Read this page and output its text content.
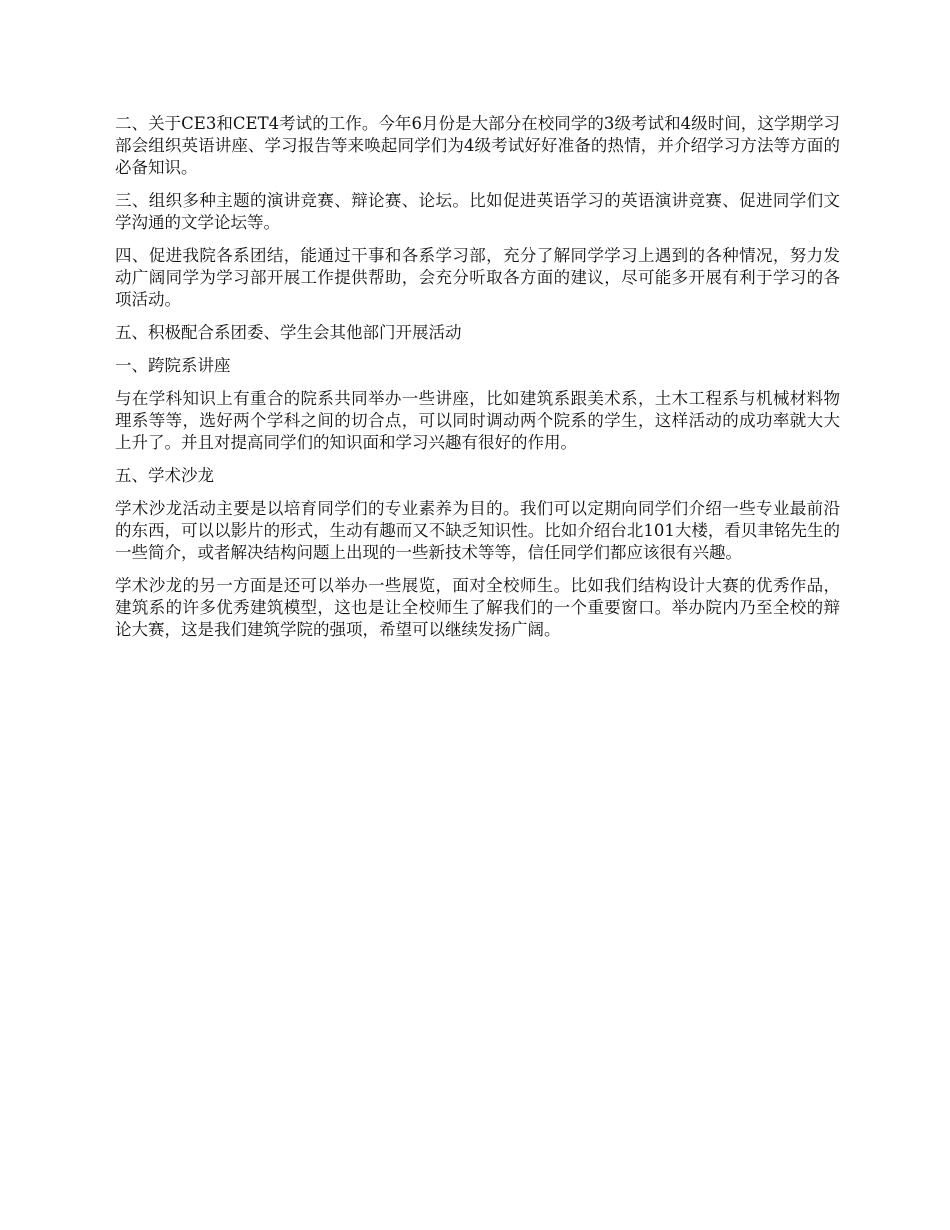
二、关于CE3和CET4考试的工作。今年6月份是大部分在校同学的3级考试和4级时间，这学期学习部会组织英语讲座、学习报告等来唤起同学们为4级考试好好准备的热情，并介绍学习方法等方面的必备知识。

三、组织多种主题的演讲竞赛、辩论赛、论坛。比如促进英语学习的英语演讲竞赛、促进同学们文学沟通的文学论坛等。

四、促进我院各系团结，能通过干事和各系学习部，充分了解同学学习上遇到的各种情况，努力发动广阔同学为学习部开展工作提供帮助，会充分听取各方面的建议，尽可能多开展有利于学习的各项活动。

五、积极配合系团委、学生会其他部门开展活动

一、跨院系讲座

与在学科知识上有重合的院系共同举办一些讲座，比如建筑系跟美术系，土木工程系与机械材料物理系等等，选好两个学科之间的切合点，可以同时调动两个院系的学生，这样活动的成功率就大大上升了。并且对提高同学们的知识面和学习兴趣有很好的作用。

五、学术沙龙

学术沙龙活动主要是以培育同学们的专业素养为目的。我们可以定期向同学们介绍一些专业最前沿的东西，可以以影片的形式，生动有趣而又不缺乏知识性。比如介绍台北101大楼，看贝聿铭先生的一些简介，或者解决结构问题上出现的一些新技术等等，信任同学们都应该很有兴趣。

学术沙龙的另一方面是还可以举办一些展览，面对全校师生。比如我们结构设计大赛的优秀作品，建筑系的许多优秀建筑模型，这也是让全校师生了解我们的一个重要窗口。举办院内乃至全校的辩论大赛，这是我们建筑学院的强项，希望可以继续发扬广阔。
